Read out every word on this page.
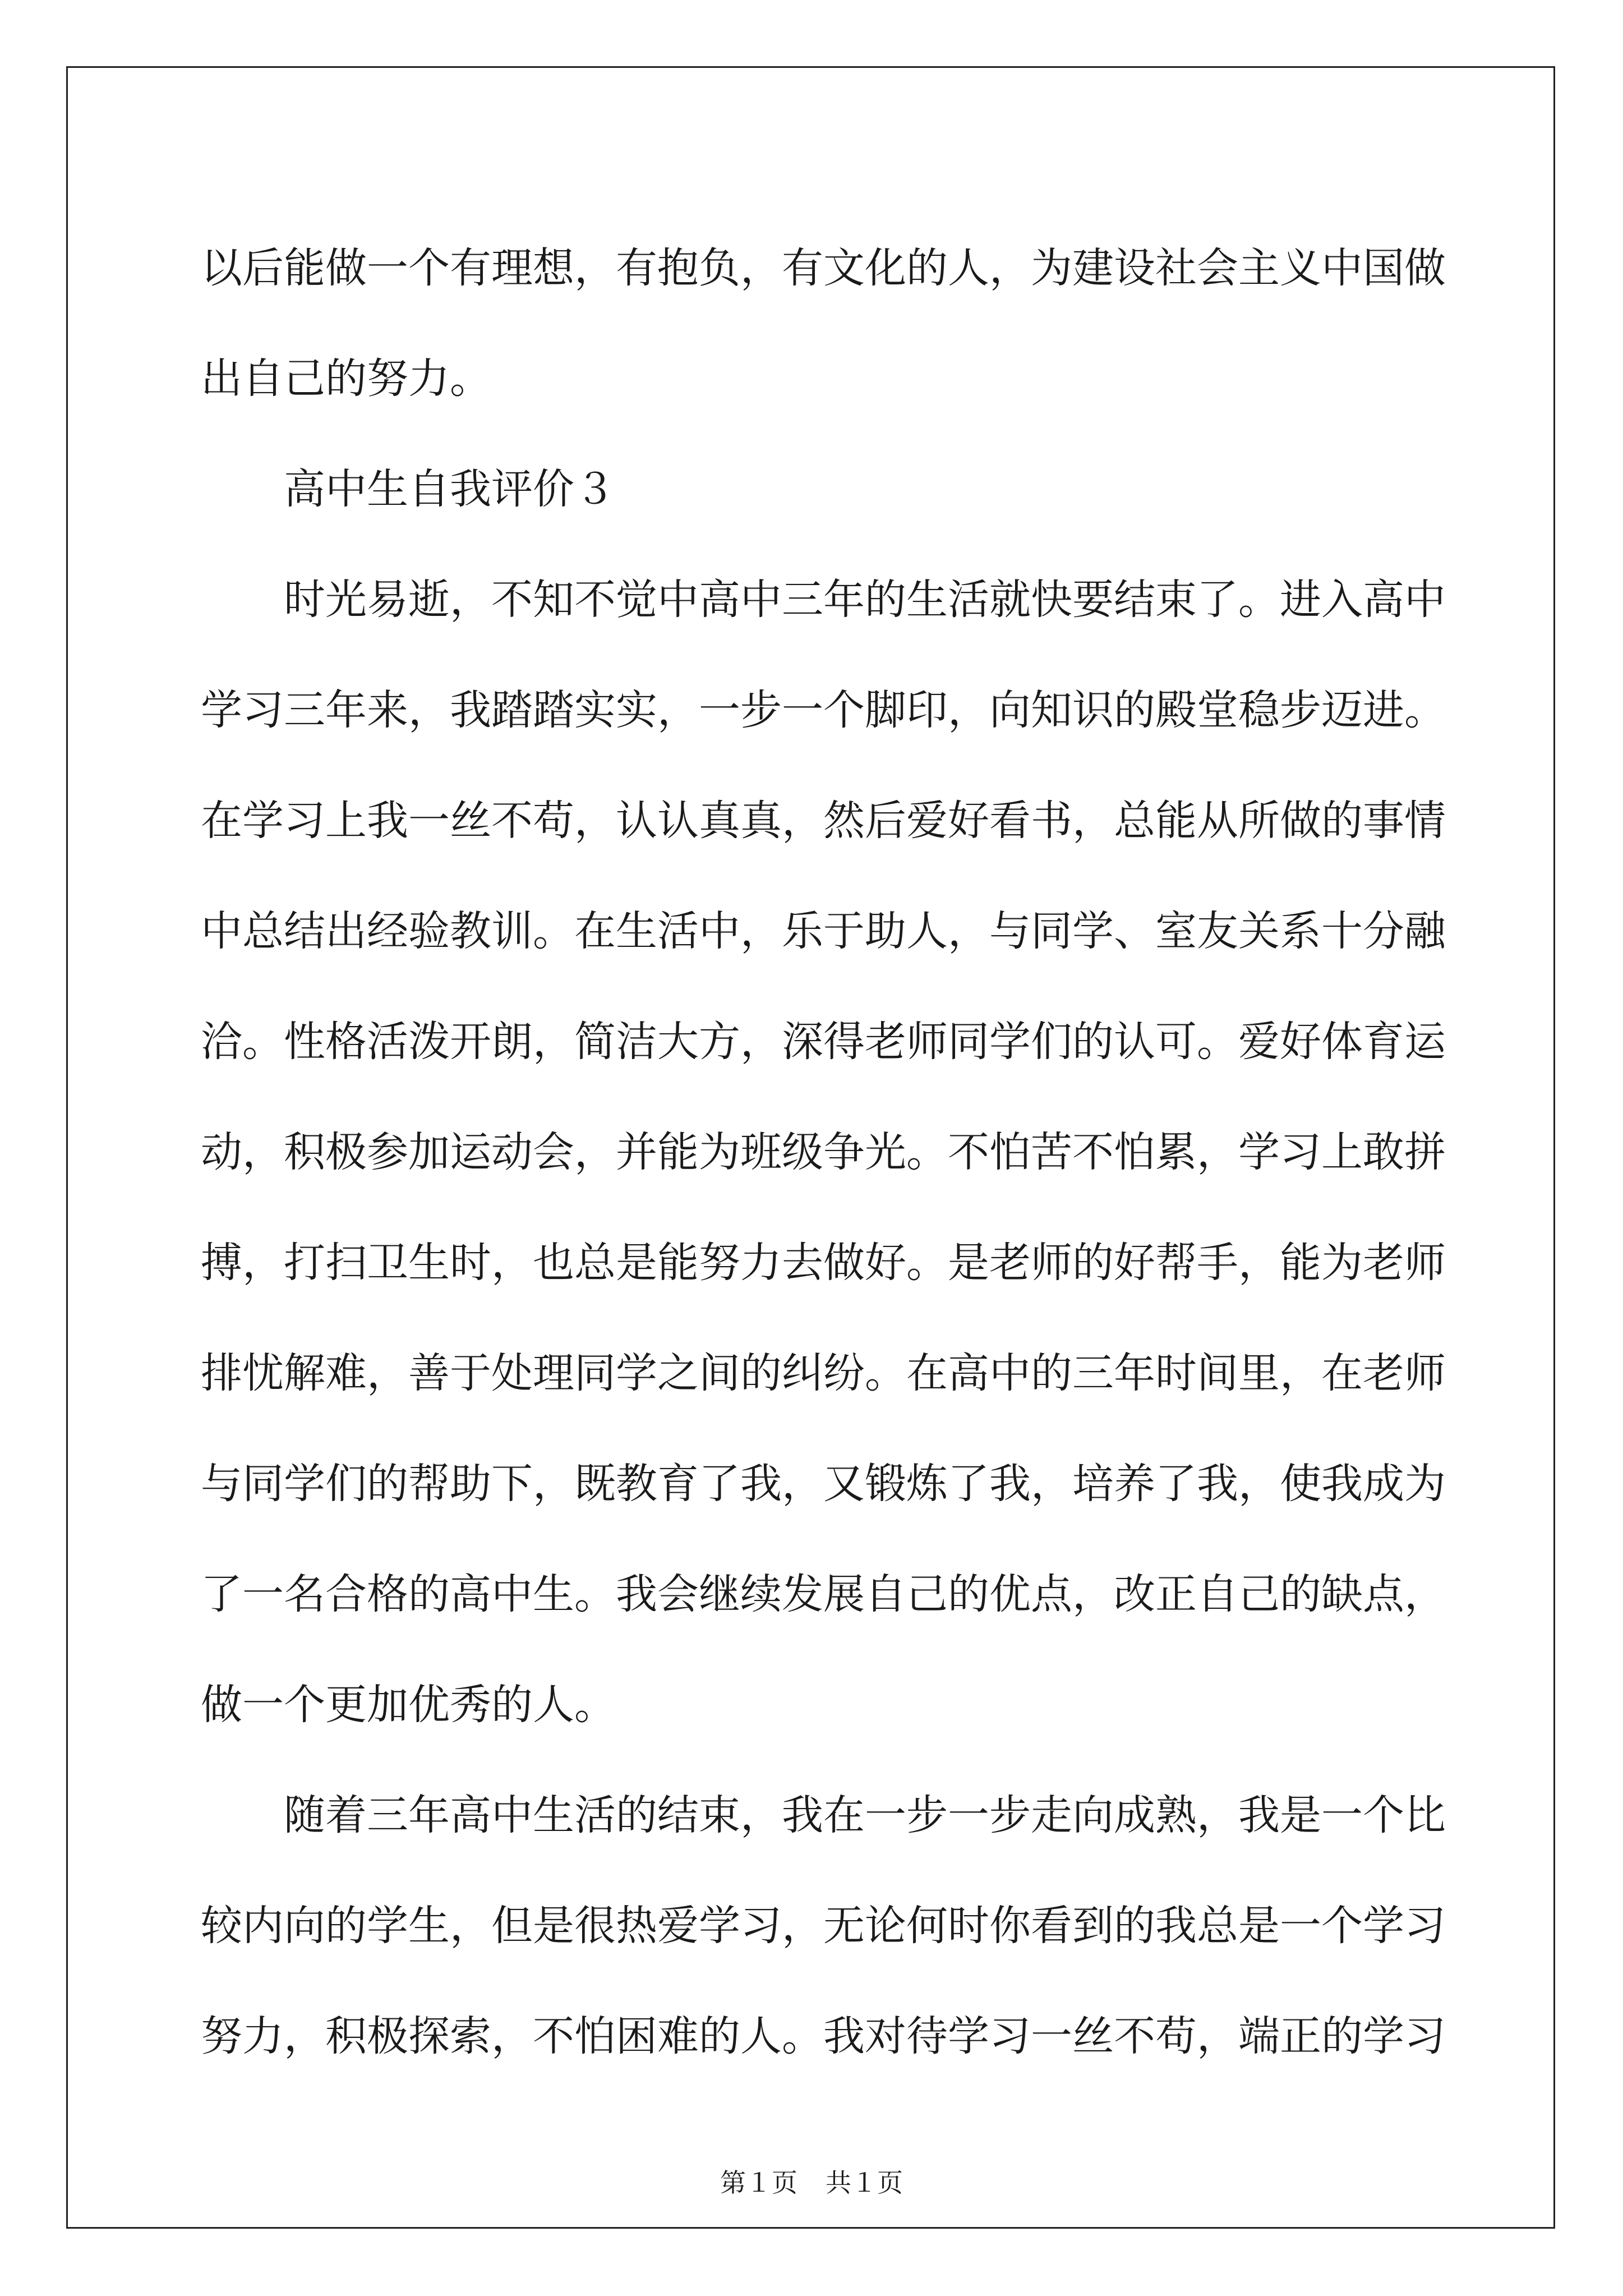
以后能做一个有理想，有抱负，有文化的人，为建设社会主义中国做
出自己的努力。
高中生自我评价３
时光易逝，不知不觉中高中三年的生活就快要结束了。进入高中
学习三年来，我踏踏实实，一步一个脚印，向知识的殿堂稳步迈进。
在学习上我一丝不苟，认认真真，然后爱好看书，总能从所做的事情
中总结出经验教训。在生活中，乐于助人，与同学、室友关系十分融
洽。性格活泼开朗，简洁大方，深得老师同学们的认可。爱好体育运
动，积极参加运动会，并能为班级争光。不怕苦不怕累，学习上敢拼
搏，打扫卫生时，也总是能努力去做好。是老师的好帮手，能为老师
排忧解难，善于处理同学之间的纠纷。在高中的三年时间里，在老师
与同学们的帮助下，既教育了我，又锻炼了我，培养了我，使我成为
了一名合格的高中生。我会继续发展自己的优点，改正自己的缺点，
做一个更加优秀的人。
随着三年高中生活的结束，我在一步一步走向成熟，我是一个比
较内向的学生，但是很热爱学习，无论何时你看到的我总是一个学习
努力，积极探索，不怕困难的人。我对待学习一丝不苟，端正的学习
第１页 共１页
